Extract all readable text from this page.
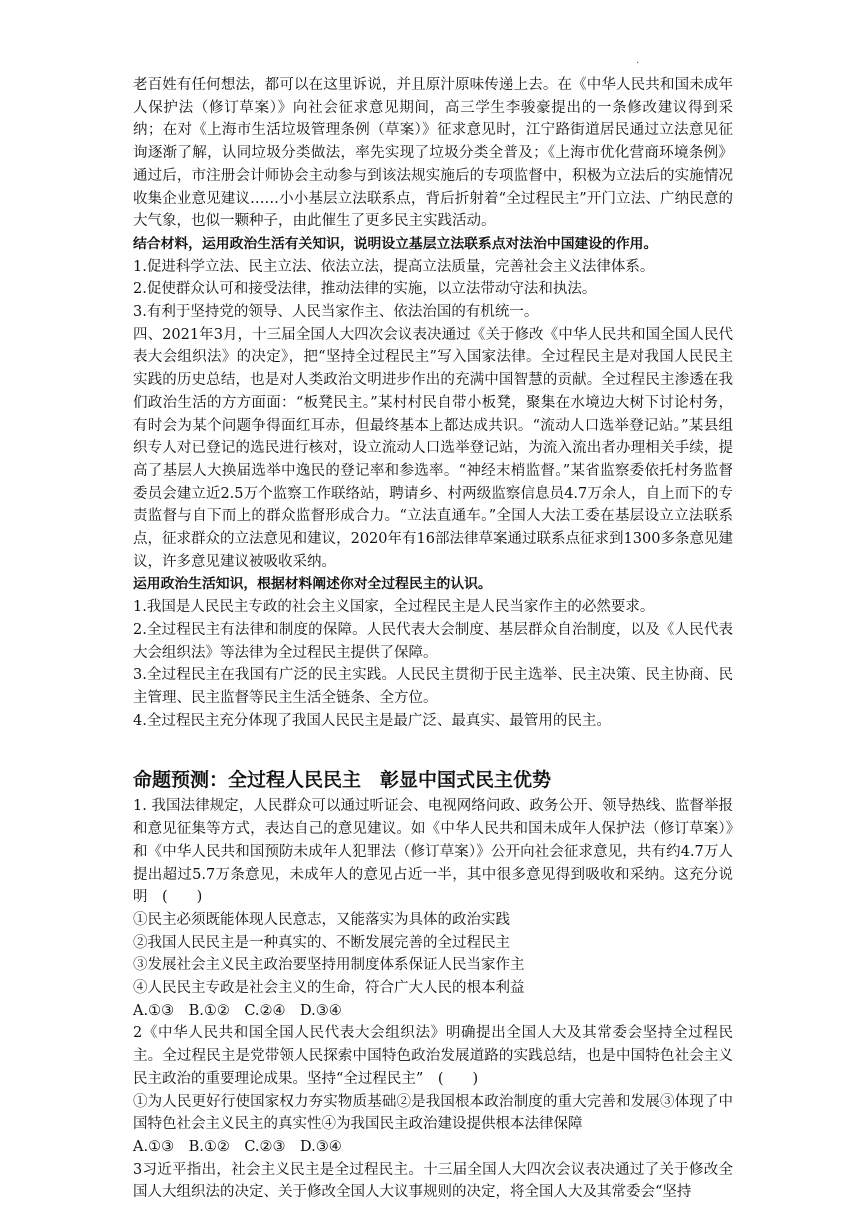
·

老百姓有任何想法，都可以在这里诉说，并且原汁原味传递上去。在《中华人民共和国未成年人保护法（修订草案）》向社会征求意见期间，高三学生李骏豪提出的一条修改建议得到采纳；在对《上海市生活垃圾管理条例（草案）》征求意见时，江宁路街道居民通过立法意见征询逐渐了解，认同垃圾分类做法，率先实现了垃圾分类全普及；《上海市优化营商环境条例》通过后，市注册会计师协会主动参与到该法规实施后的专项监督中，积极为立法后的实施情况收集企业意见建议……小小基层立法联系点，背后折射着“全过程民主”开门立法、广纳民意的大气象，也似一颗种子，由此催生了更多民主实践活动。

结合材料，运用政治生活有关知识，说明设立基层立法联系点对法治中国建设的作用。

1.促进科学立法、民主立法、依法立法，提高立法质量，完善社会主义法律体系。

2.促使群众认可和接受法律，推动法律的实施，以立法带动守法和执法。

3.有利于坚持党的领导、人民当家作主、依法治国的有机统一。

四、2021年3月，十三届全国人大四次会议表决通过《关于修改《中华人民共和国全国人民代表大会组织法》的决定》，把“坚持全过程民主”写入国家法律。全过程民主是对我国人民民主实践的历史总结，也是对人类政治文明进步作出的充满中国智慧的贡献。全过程民主渗透在我们政治生活的方方面面：“板凳民主。”某村村民自带小板凳，聚集在水境边大树下讨论村务，有时会为某个问题争得面红耳赤，但最终基本上都达成共识。“流动人口选举登记站。”某县组织专人对已登记的选民进行核对，设立流动人口选举登记站，为流入流出者办理相关手续，提高了基层人大换届选举中逸民的登记率和参选率。“神经末梢监督。”某省监察委依托村务监督委员会建立近2.5万个监察工作联络站，聘请乡、村两级监察信息员4.7万余人，自上而下的专责监督与自下而上的群众监督形成合力。“立法直通车。”全国人大法工委在基层设立立法联系点，征求群众的立法意见和建议，2020年有16部法律草案通过联系点征求到1300多条意见建议，许多意见建议被吸收采纳。

运用政治生活知识，根据材料阐述你对全过程民主的认识。

1.我国是人民民主专政的社会主义国家，全过程民主是人民当家作主的必然要求。

2.全过程民主有法律和制度的保障。人民代表大会制度、基层群众自治制度，以及《人民代表大会组织法》等法律为全过程民主提供了保障。

3.全过程民主在我国有广泛的民主实践。人民民主贯彻于民主选举、民主决策、民主协商、民主管理、民主监督等民主生活全链条、全方位。

4.全过程民主充分体现了我国人民民主是最广泛、最真实、最管用的民主。

命题预测：全过程人民民主　彰显中国式民主优势

1. 我国法律规定，人民群众可以通过听证会、电视网络问政、政务公开、领导热线、监督举报和意见征集等方式，表达自己的意见建议。如《中华人民共和国未成年人保护法（修订草案）》和《中华人民共和国预防未成年人犯罪法（修订草案）》公开向社会征求意见，共有约4.7万人提出超过5.7万条意见，未成年人的意见占近一半，其中很多意见得到吸收和采纳。这充分说明　(　　)

①民主必须既能体现人民意志，又能落实为具体的政治实践

②我国人民民主是一种真实的、不断发展完善的全过程民主

③发展社会主义民主政治要坚持用制度体系保证人民当家作主

④人民民主专政是社会主义的生命，符合广大人民的根本利益

A.①③　B.①②　C.②④　D.③④

2《中华人民共和国全国人民代表大会组织法》明确提出全国人大及其常委会坚持全过程民主。全过程民主是党带领人民探索中国特色政治发展道路的实践总结，也是中国特色社会主义民主政治的重要理论成果。坚持“全过程民主”　(　　)

①为人民更好行使国家权力夯实物质基础②是我国根本政治制度的重大完善和发展③体现了中国特色社会主义民主的真实性④为我国民主政治建设提供根本法律保障

A.①③　B.①②　C.②③　D.③④

3习近平指出，社会主义民主是全过程民主。十三届全国人大四次会议表决通过了关于修改全国人大组织法的决定、关于修改全国人大议事规则的决定，将全国人大及其常委会“坚持
